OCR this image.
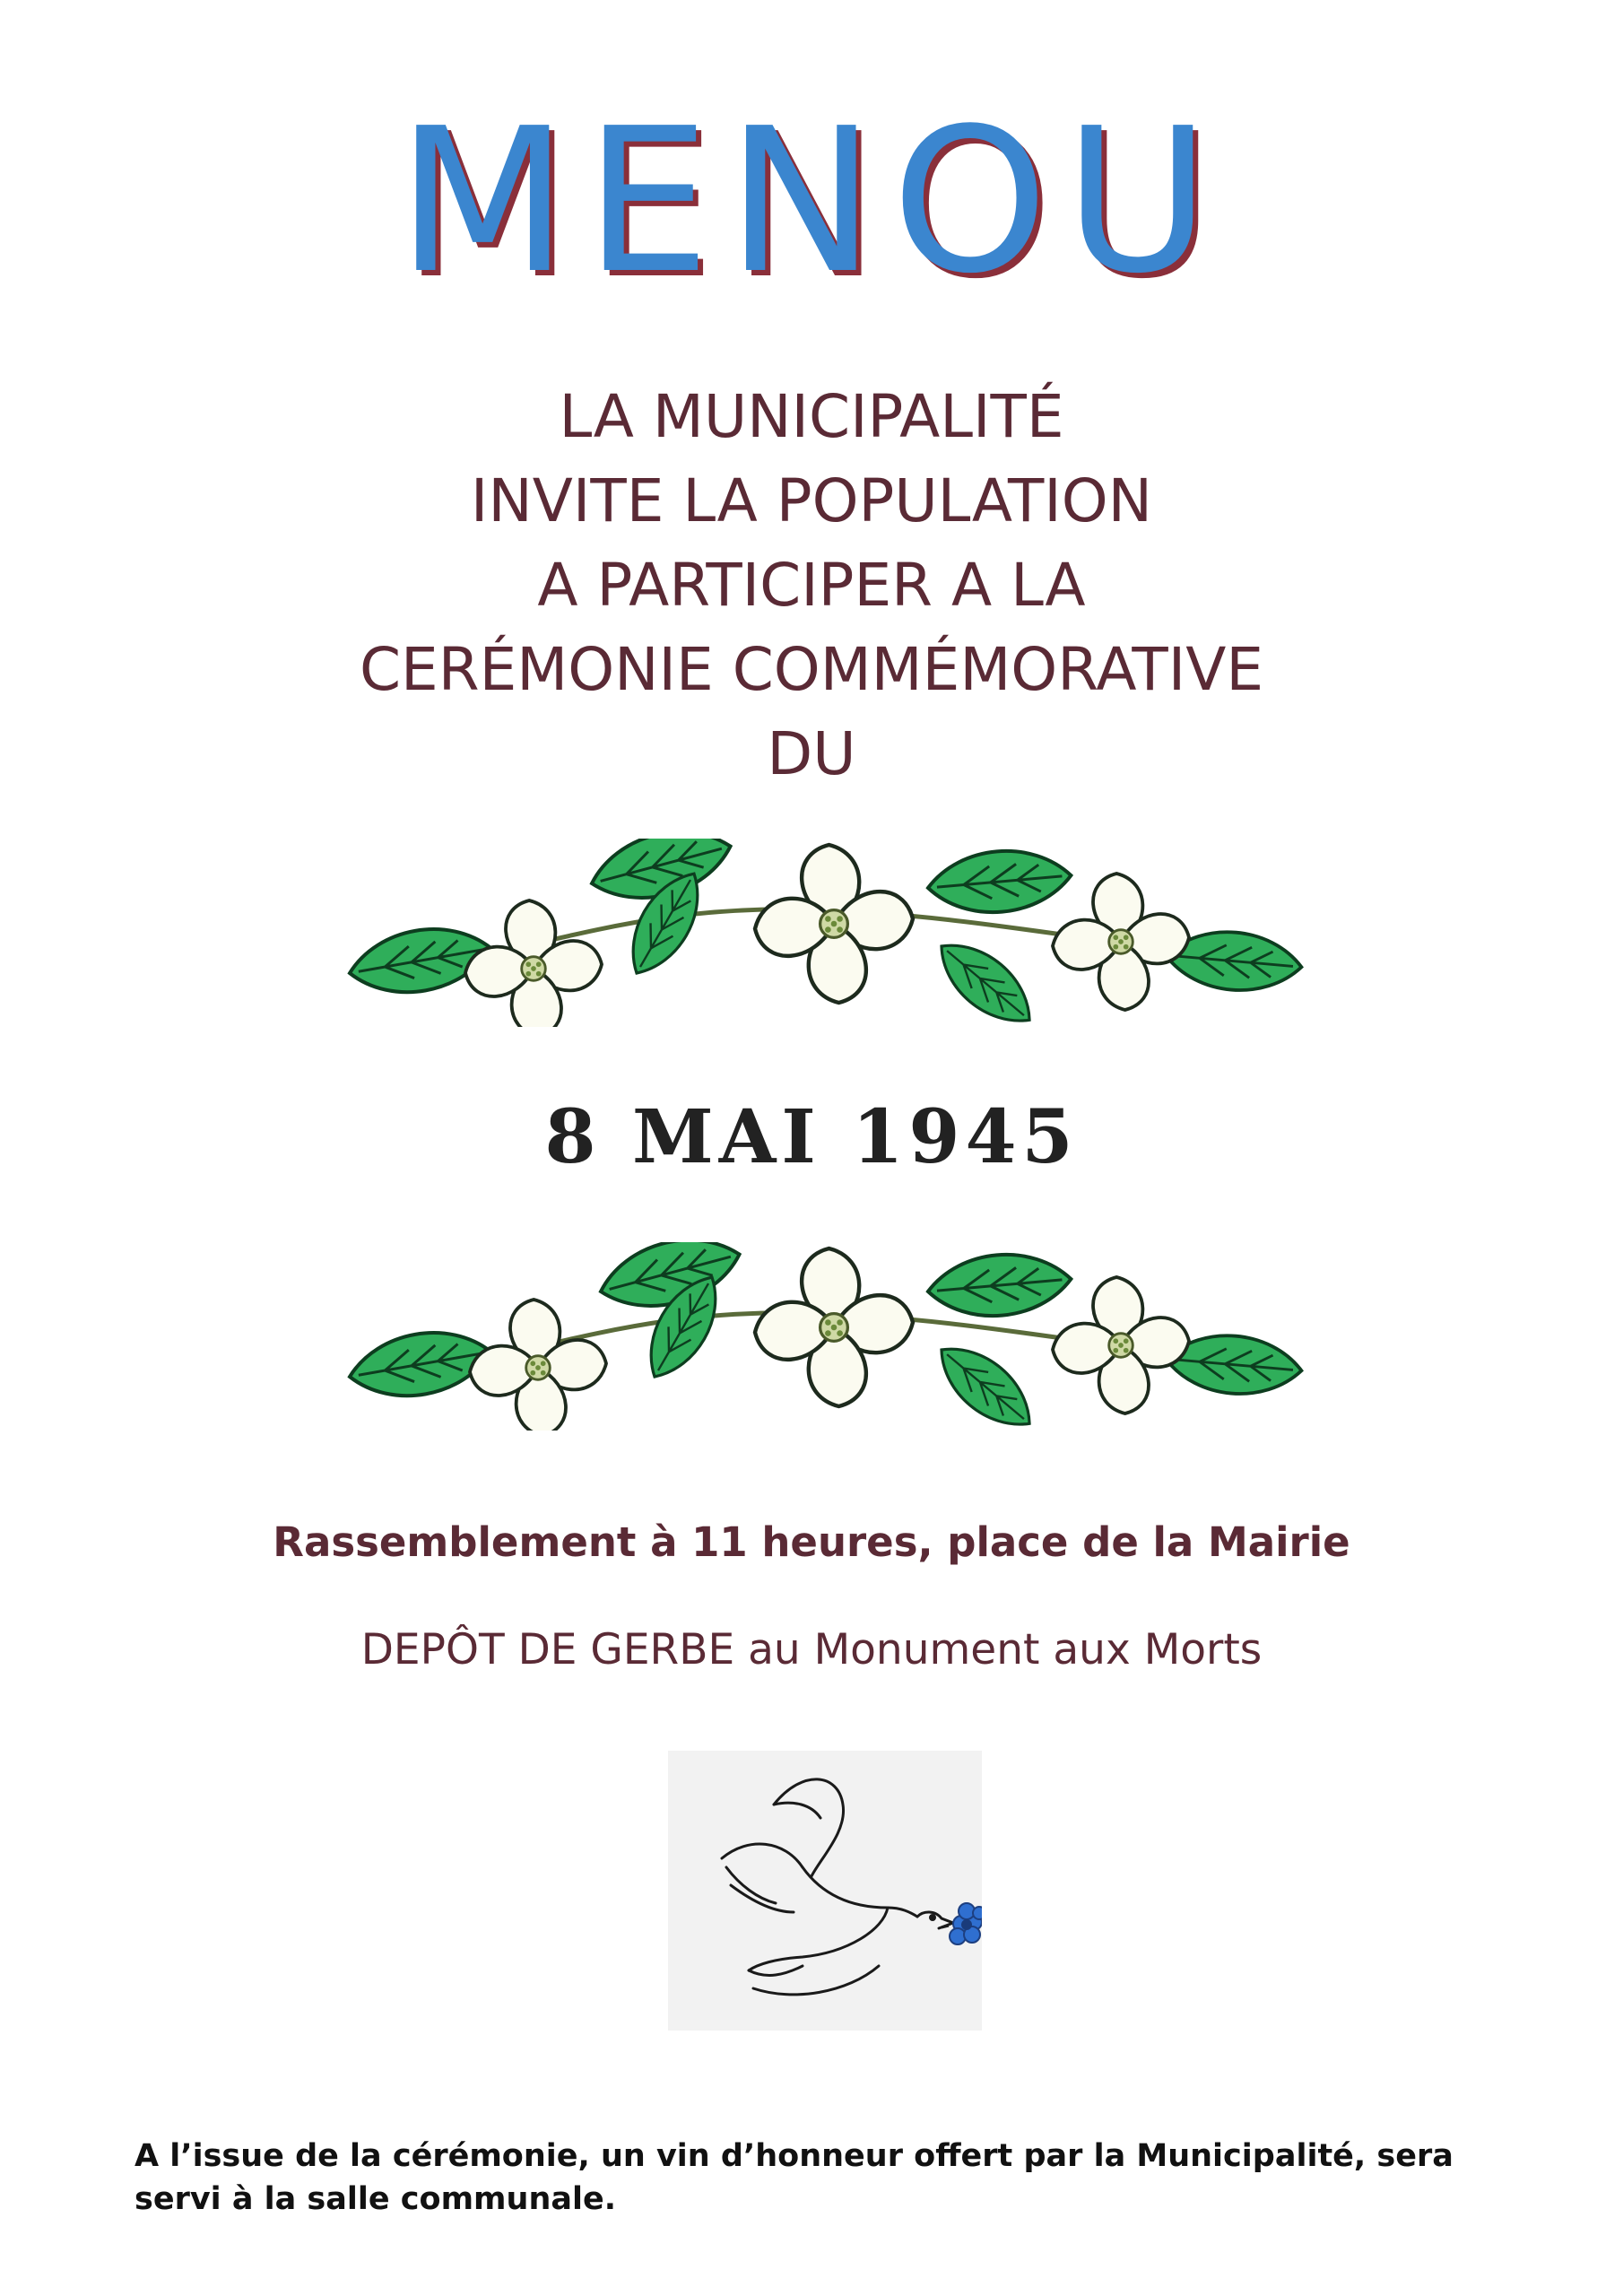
MENOU
LA MUNICIPALITÉ
INVITE LA POPULATION
A PARTICIPER A LA
CERÉMONIE COMMÉMORATIVE
DU
8 MAI 1945
Rassemblement à 11 heures, place de la Mairie
DEPÔT DE GERBE au Monument aux Morts
A l’issue de la cérémonie, un vin d’honneur offert par la Municipalité, sera
servi à la salle communale.
